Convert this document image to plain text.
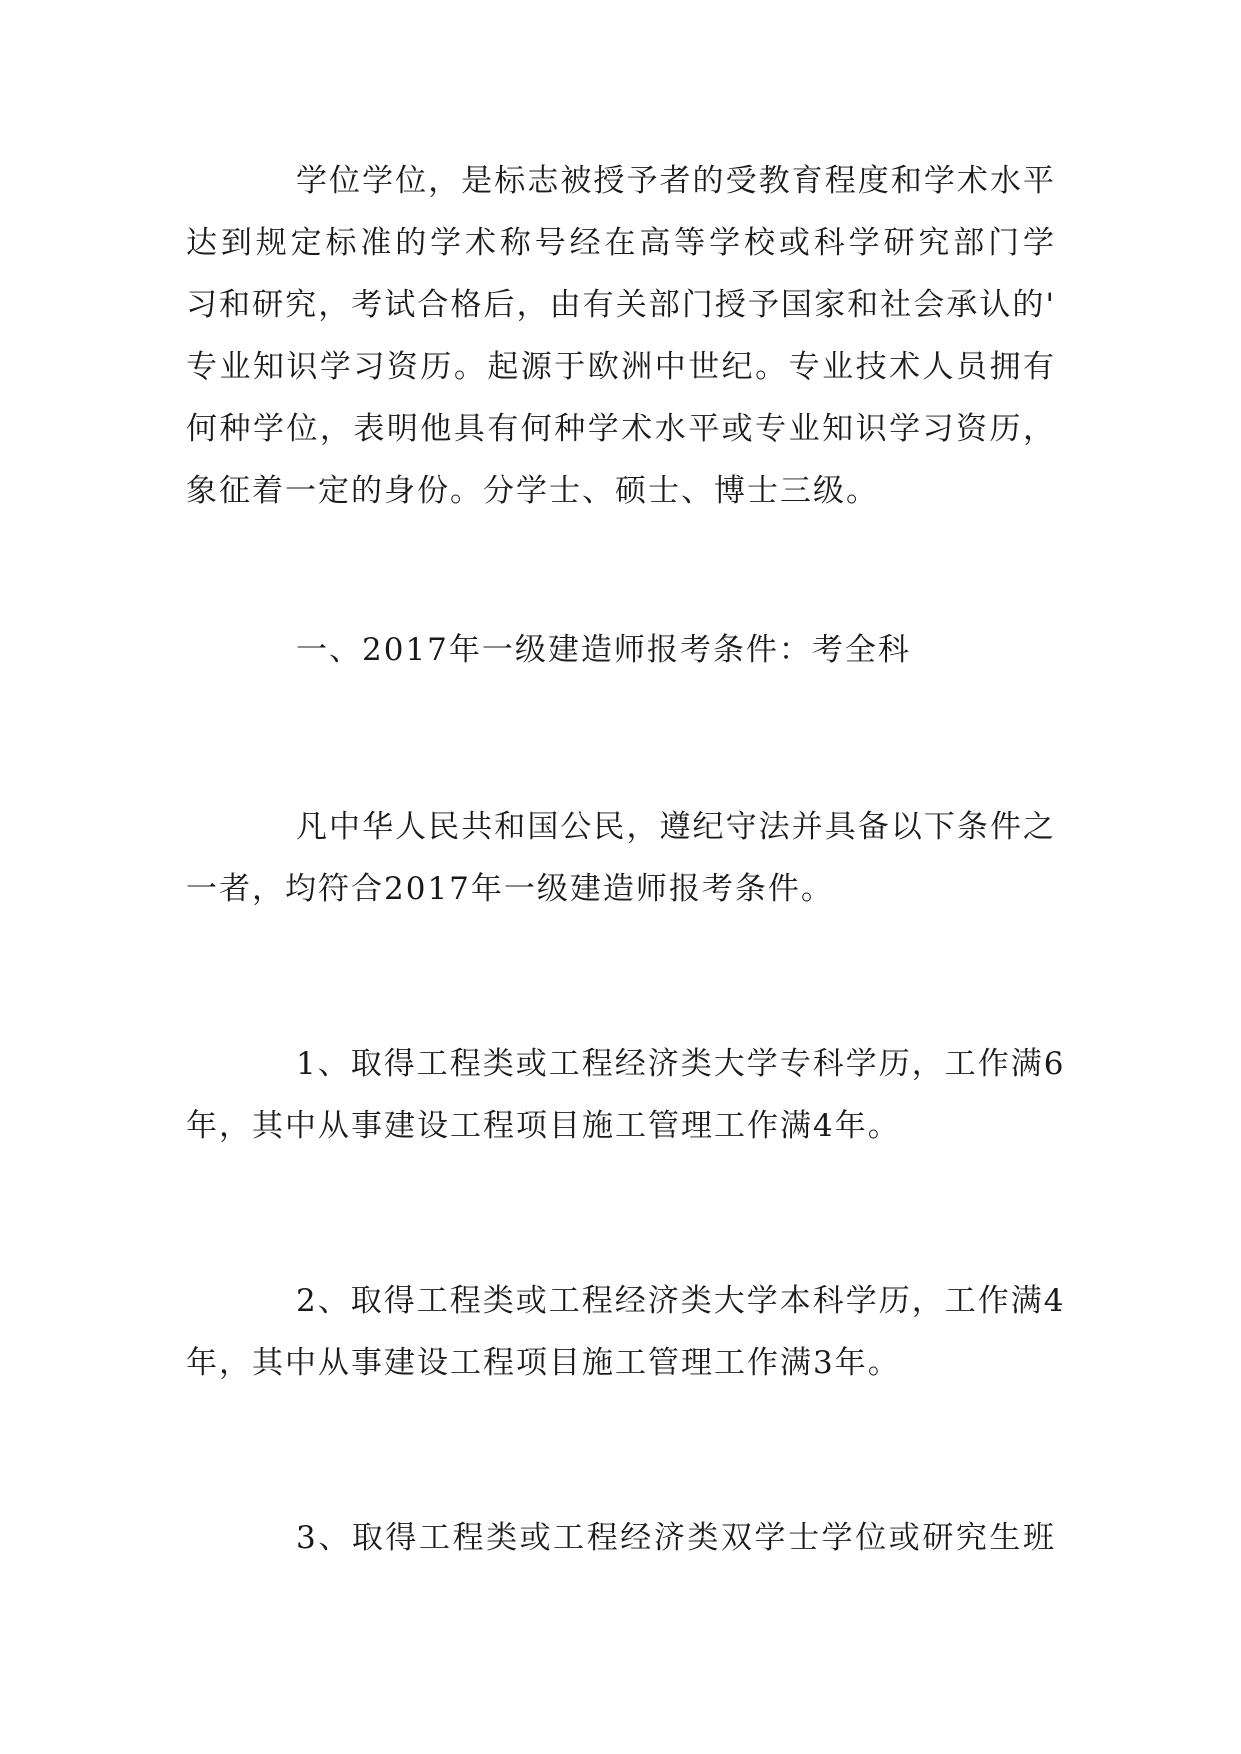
学位学位，是标志被授予者的受教育程度和学术水平
达到规定标准的学术称号经在高等学校或科学研究部门学
习和研究，考试合格后，由有关部门授予国家和社会承认的'
专业知识学习资历。起源于欧洲中世纪。专业技术人员拥有
何种学位，表明他具有何种学术水平或专业知识学习资历，
象征着一定的身份。分学士、硕士、博士三级。

一、2017年一级建造师报考条件：考全科

凡中华人民共和国公民，遵纪守法并具备以下条件之
一者，均符合2017年一级建造师报考条件。

1、取得工程类或工程经济类大学专科学历，工作满6
年，其中从事建设工程项目施工管理工作满4年。

2、取得工程类或工程经济类大学本科学历，工作满4
年，其中从事建设工程项目施工管理工作满3年。

3、取得工程类或工程经济类双学士学位或研究生班
